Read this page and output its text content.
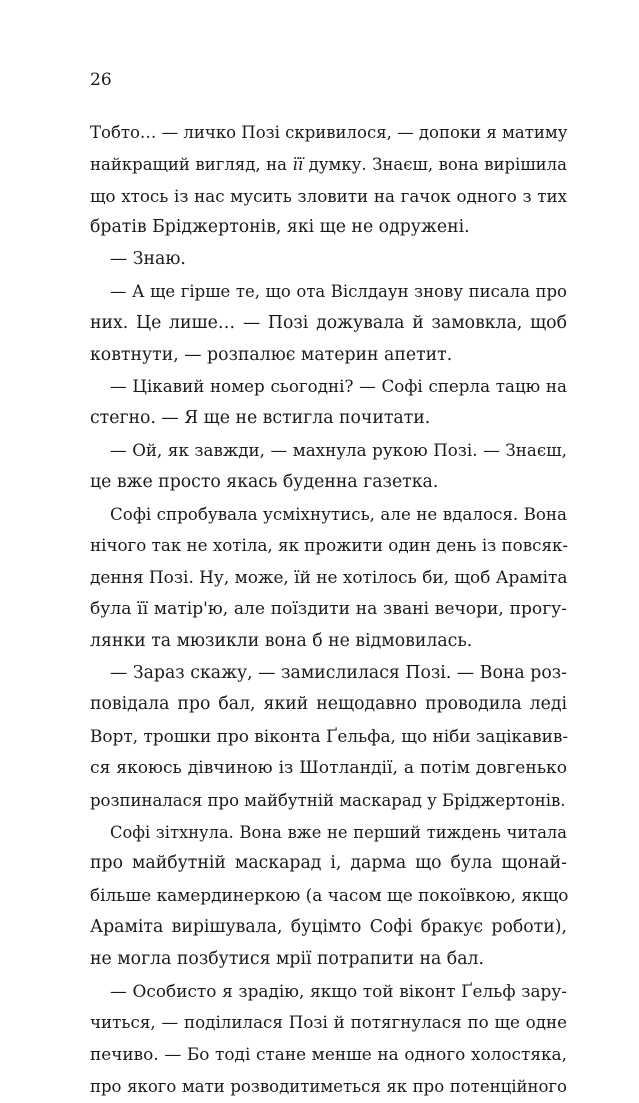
26
Тобто… — личко Позі скривилося, — допоки я матиму
найкращий вигляд, на її думку. Знаєш, вона вирішила
що хтось із нас мусить зловити на гачок одного з тих
братів Бріджертонів, які ще не одружені.
— Знаю.
— А ще гірше те, що ота Віслдаун знову писала про
них. Це лише… — Позі дожувала й замовкла, щоб
ковтнути, — розпалює материн апетит.
— Цікавий номер сьогодні? — Софі сперла тацю на
стегно. — Я ще не встигла почитати.
— Ой, як завжди, — махнула рукою Позі. — Знаєш,
це вже просто якась буденна газетка.
Софі спробувала усміхнутись, але не вдалося. Вона
нічого так не хотіла, як прожити один день із повсяк-
дення Позі. Ну, може, їй не хотілось би, щоб Араміта
була її матір'ю, але поїздити на звані вечори, прогу-
лянки та мюзикли вона б не відмовилась.
— Зараз скажу, — замислилася Позі. — Вона роз-
повідала про бал, який нещодавно проводила леді
Ворт, трошки про віконта Ґельфа, що ніби зацікавив-
ся якоюсь дівчиною із Шотландії, а потім довгенько
розпиналася про майбутній маскарад у Бріджертонів.
Софі зітхнула. Вона вже не перший тиждень читала
про майбутній маскарад і, дарма що була щонай-
більше камердинеркою (а часом ще покоївкою, якщо
Араміта вирішувала, буцімто Софі бракує роботи),
не могла позбутися мрії потрапити на бал.
— Особисто я зрадію, якщо той віконт Ґельф зару-
читься, — поділилася Позі й потягнулася по ще одне
печиво. — Бо тоді стане менше на одного холостяка,
про якого мати розводитиметься як про потенційного
